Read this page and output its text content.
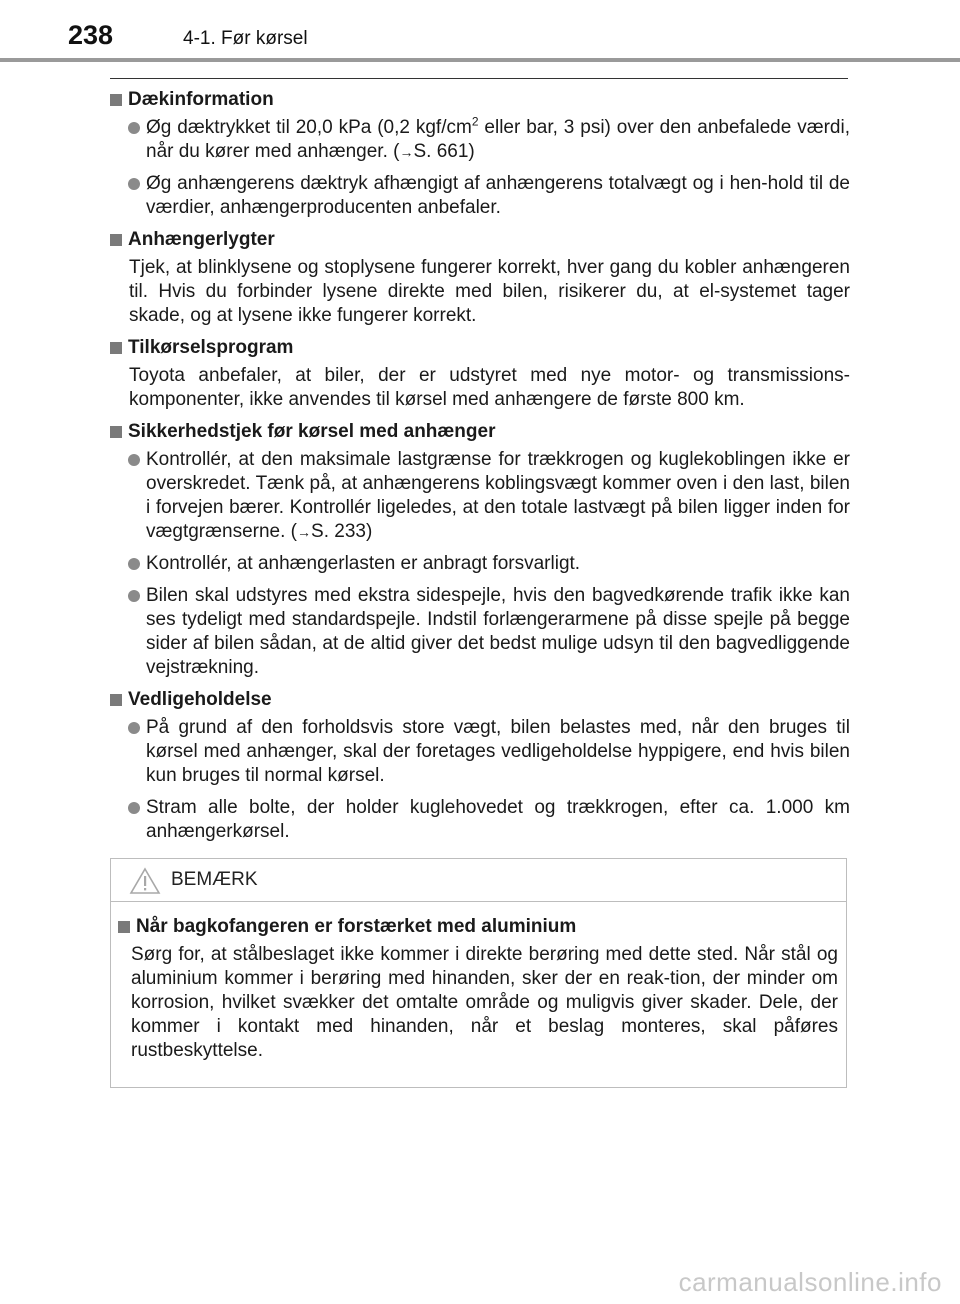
238	4-1. Før kørsel
Dækinformation
Øg dæktrykket til 20,0 kPa (0,2 kgf/$cm^2$ eller bar, 3 psi) over den anbefalede værdi, når du kører med anhænger. (→S. 661)
Øg anhængerens dæktryk afhængigt af anhængerens totalvægt og i hen-hold til de værdier, anhængerproducenten anbefaler.
Anhængerlygter
Tjek, at blinklysene og stoplysene fungerer korrekt, hver gang du kobler anhængeren til. Hvis du forbinder lysene direkte med bilen, risikerer du, at el-systemet tager skade, og at lysene ikke fungerer korrekt.
Tilkørselsprogram
Toyota anbefaler, at biler, der er udstyret med nye motor- og transmissions-komponenter, ikke anvendes til kørsel med anhængere de første 800 km.
Sikkerhedstjek før kørsel med anhænger
Kontrollér, at den maksimale lastgrænse for trækkrogen og kuglekoblingen ikke er overskredet. Tænk på, at anhængerens koblingsvægt kommer oven i den last, bilen i forvejen bærer. Kontrollér ligeledes, at den totale lastvægt på bilen ligger inden for vægtgrænserne. (→S. 233)
Kontrollér, at anhængerlasten er anbragt forsvarligt.
Bilen skal udstyres med ekstra sidespejle, hvis den bagvedkørende trafik ikke kan ses tydeligt med standardspejle. Indstil forlængerarmene på disse spejle på begge sider af bilen sådan, at de altid giver det bedst mulige udsyn til den bagvedliggende vejstrækning.
Vedligeholdelse
På grund af den forholdsvis store vægt, bilen belastes med, når den bruges til kørsel med anhænger, skal der foretages vedligeholdelse hyppigere, end hvis bilen kun bruges til normal kørsel.
Stram alle bolte, der holder kuglehovedet og trækkrogen, efter ca. 1.000 km anhængerkørsel.
BEMÆRK
Når bagkofangeren er forstærket med aluminium
Sørg for, at stålbeslaget ikke kommer i direkte berøring med dette sted. Når stål og aluminium kommer i berøring med hinanden, sker der en reak-tion, der minder om korrosion, hvilket svækker det omtalte område og muligvis giver skader. Dele, der kommer i kontakt med hinanden, når et beslag monteres, skal påføres rustbeskyttelse.
carmanualsonline.info
